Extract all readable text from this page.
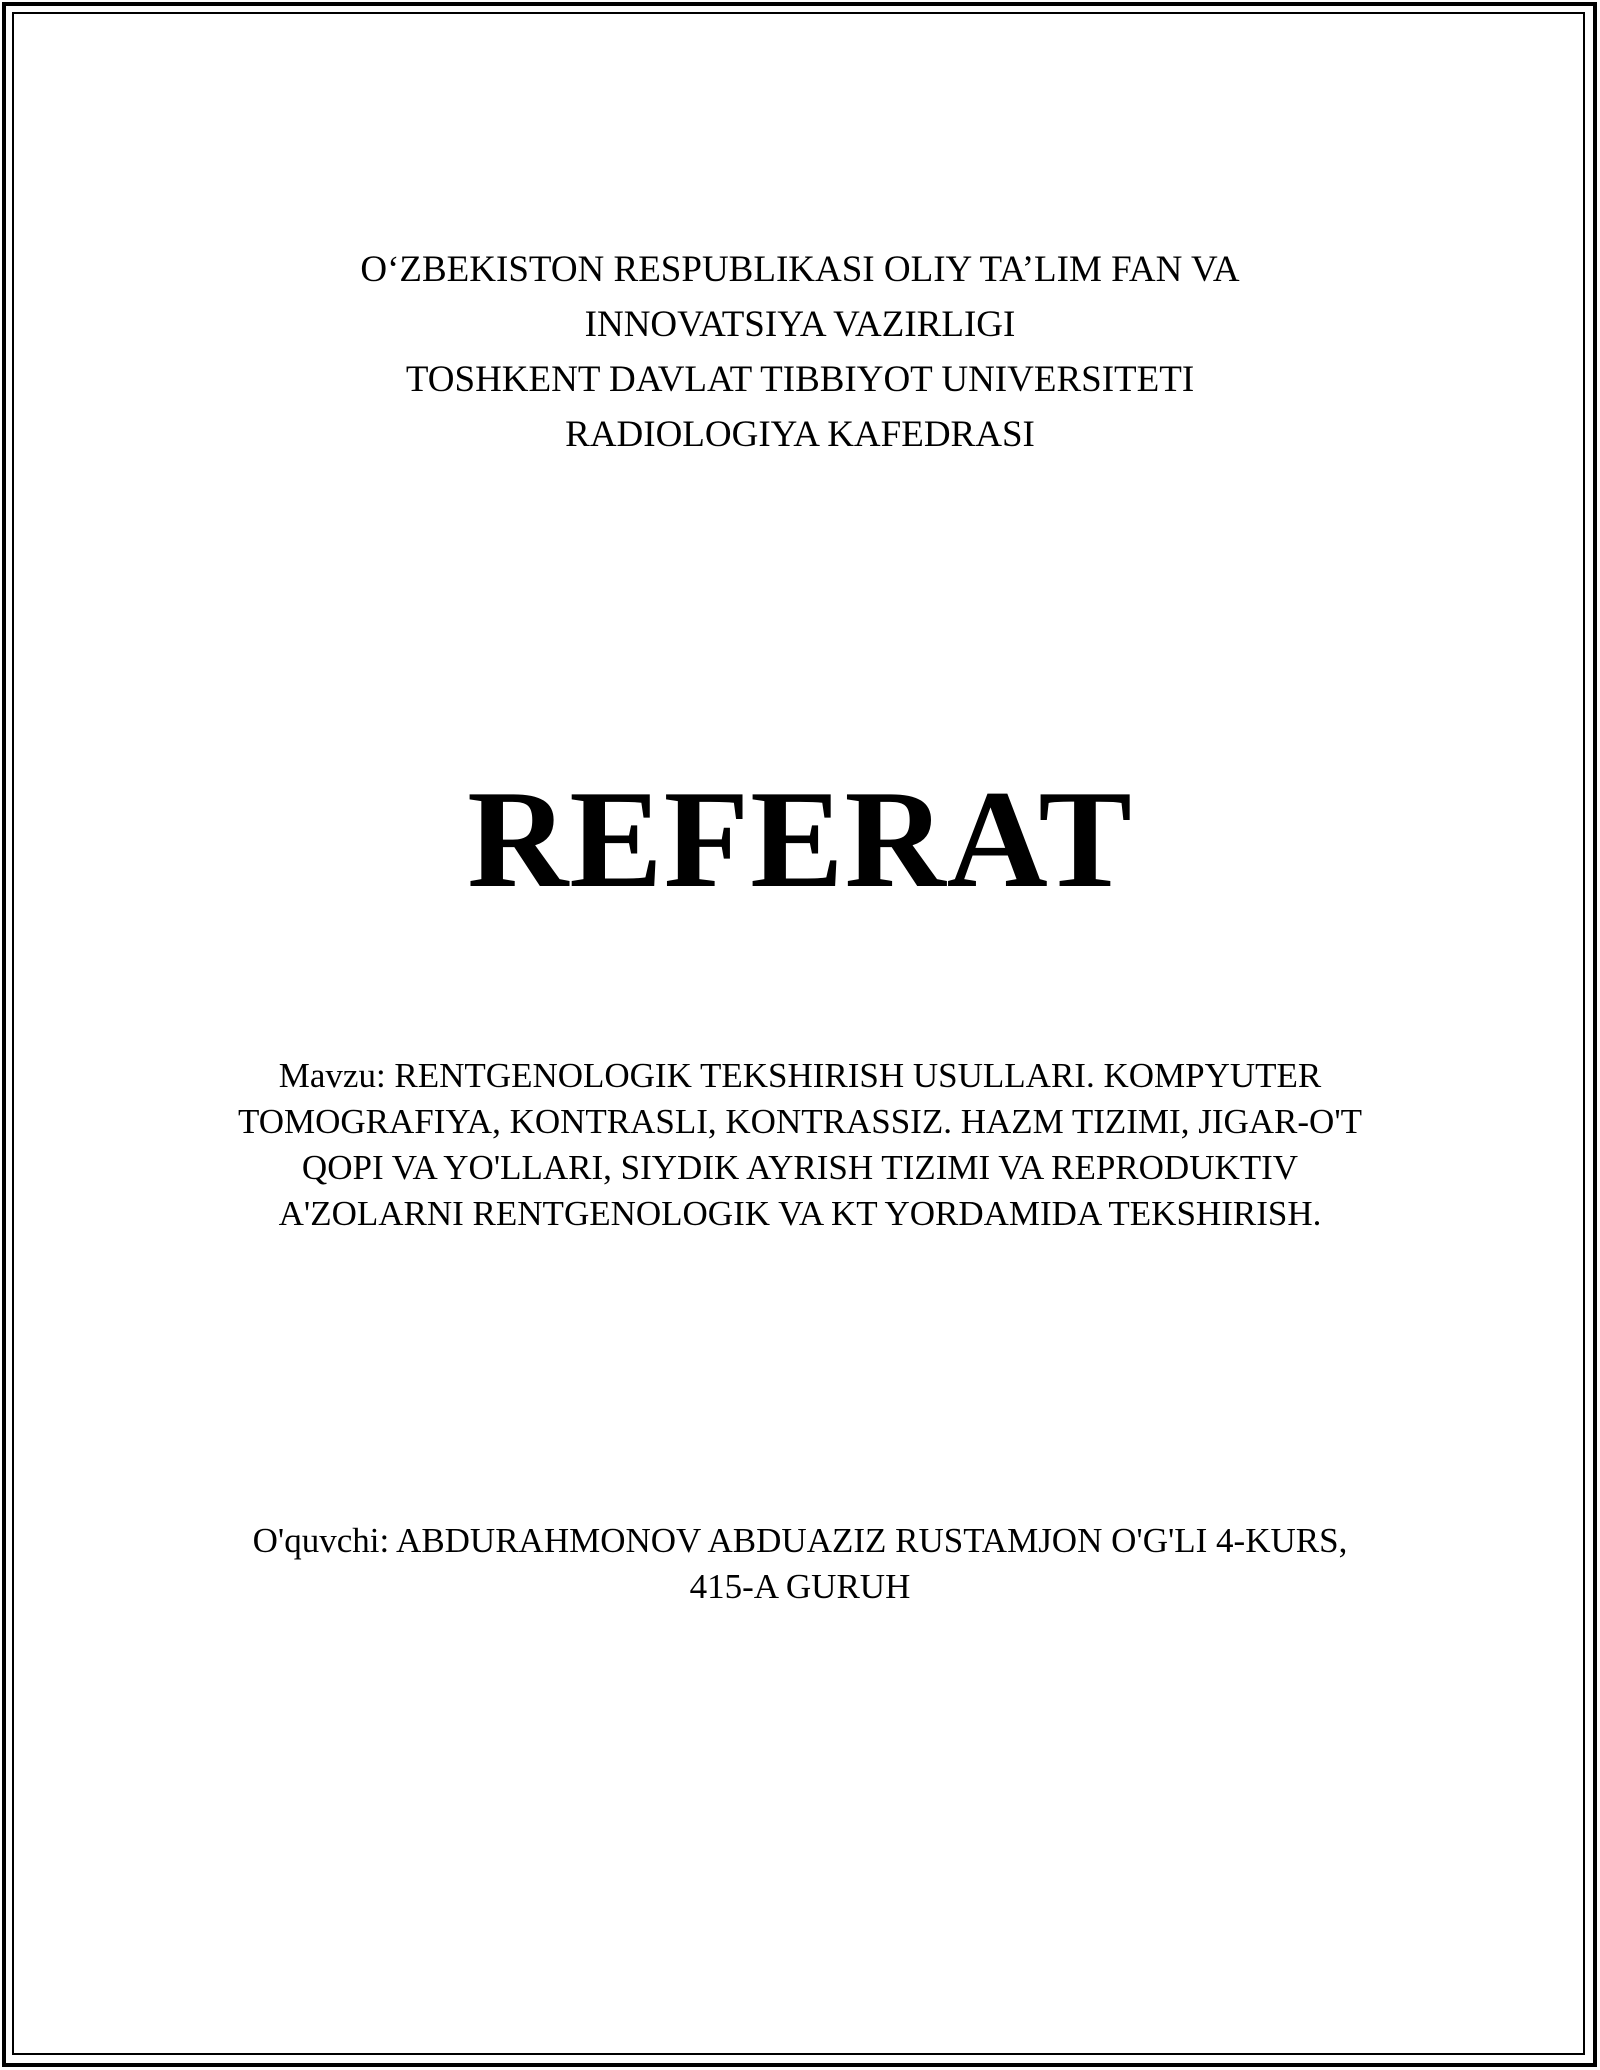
O‘ZBEKISTON RESPUBLIKASI OLIY TA’LIM FAN VA
INNOVATSIYA VAZIRLIGI
TOSHKENT DAVLAT TIBBIYOT UNIVERSITETI
RADIOLOGIYA KAFEDRASI
REFERAT
Mavzu: RENTGENOLOGIK TEKSHIRISH USULLARI. KOMPYUTER TOMOGRAFIYA, KONTRASLI, KONTRASSIZ. HAZM TIZIMI, JIGAR-O'T QOPI VA YO'LLARI, SIYDIK AYRISH TIZIMI VA REPRODUKTIV A'ZOLARNI RENTGENOLOGIK VA KT YORDAMIDA TEKSHIRISH.
O'quvchi: ABDURAHMONOV ABDUAZIZ RUSTAMJON O'G'LI 4-KURS, 415-A GURUH
